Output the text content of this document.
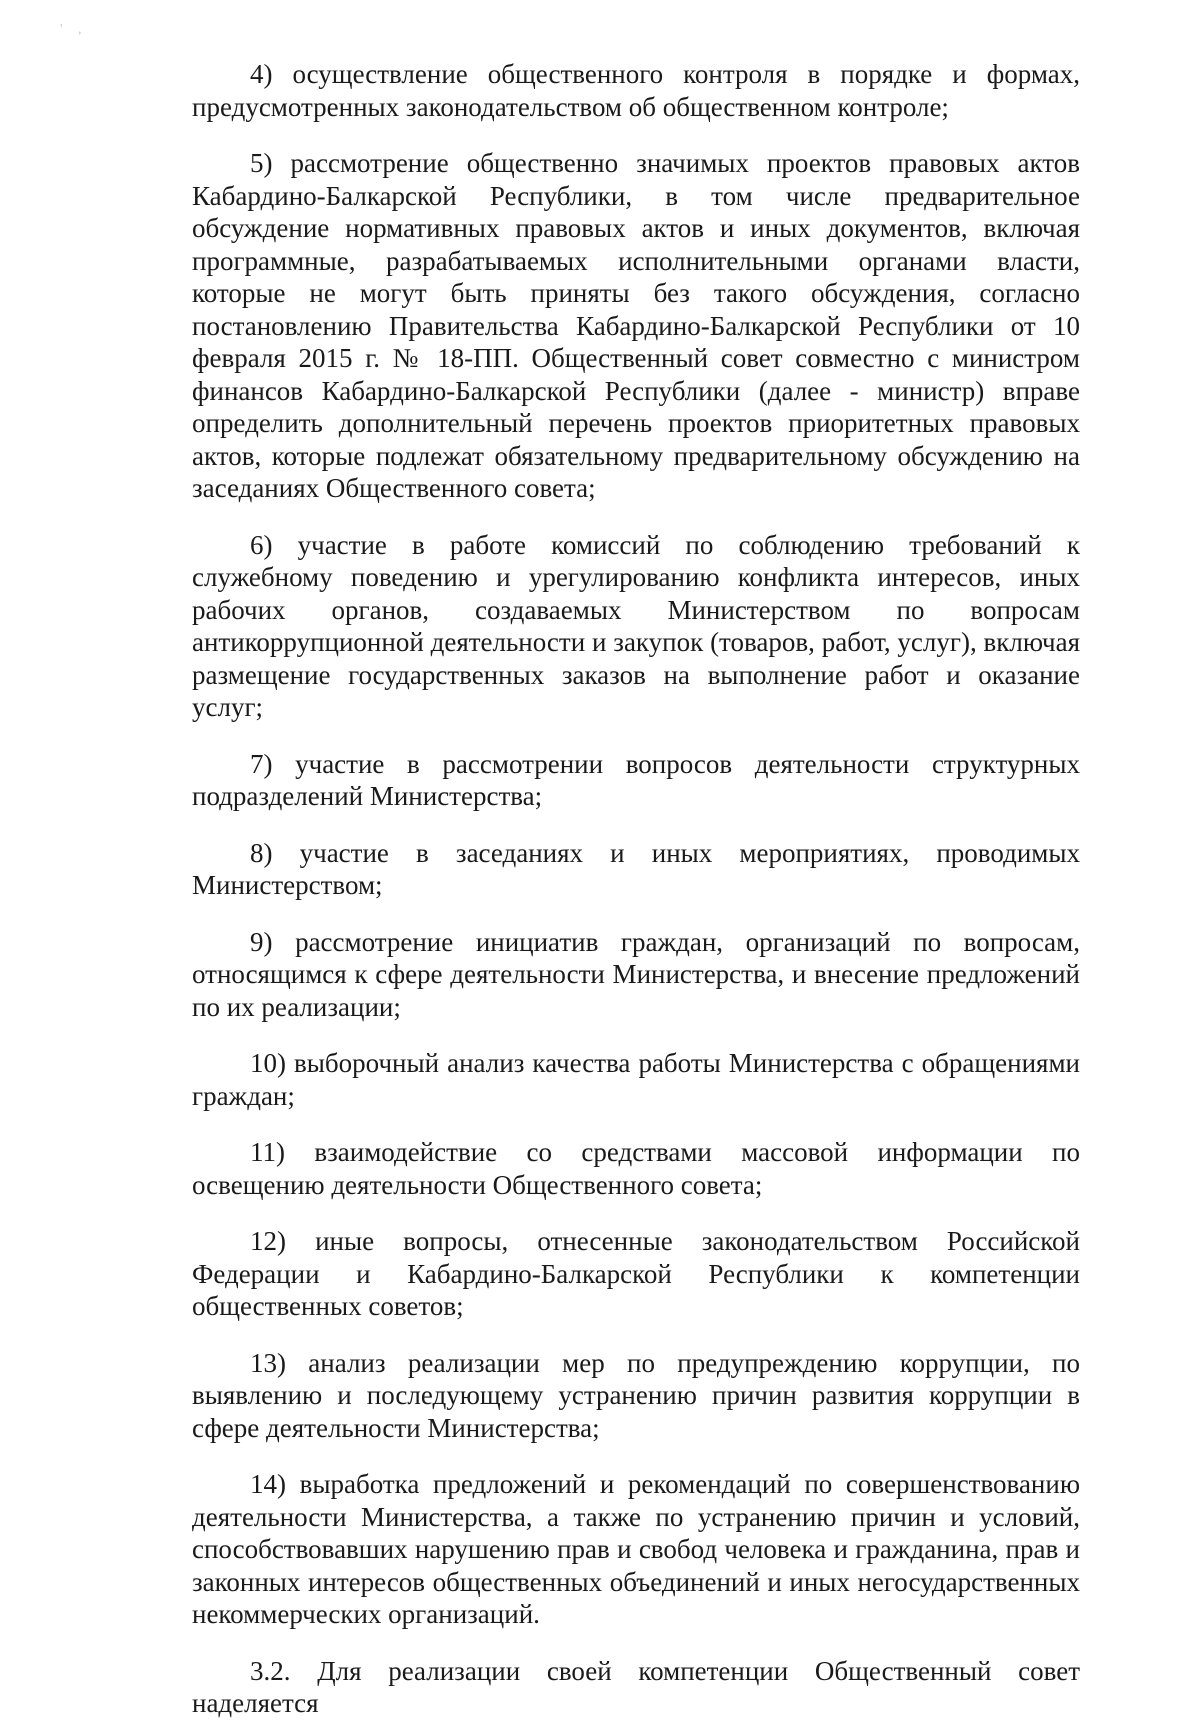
' ,

4) осуществление общественного контроля в порядке и формах, предусмотренных законодательством об общественном контроле;

5) рассмотрение общественно значимых проектов правовых актов Кабардино-Балкарской Республики, в том числе предварительное обсуждение нормативных правовых актов и иных документов, включая программные, разрабатываемых исполнительными органами власти, которые не могут быть приняты без такого обсуждения, согласно постановлению Правительства Кабардино-Балкарской Республики от 10 февраля 2015 г. № 18-ПП. Общественный совет совместно с министром финансов Кабардино-Балкарской Республики (далее - министр) вправе определить дополнительный перечень проектов приоритетных правовых актов, которые подлежат обязательному предварительному обсуждению на заседаниях Общественного совета;

6) участие в работе комиссий по соблюдению требований к служебному поведению и урегулированию конфликта интересов, иных рабочих органов, создаваемых Министерством по вопросам антикоррупционной деятельности и закупок (товаров, работ, услуг), включая размещение государственных заказов на выполнение работ и оказание услуг;

7) участие в рассмотрении вопросов деятельности структурных подразделений Министерства;

8) участие в заседаниях и иных мероприятиях, проводимых Министерством;

9) рассмотрение инициатив граждан, организаций по вопросам, относящимся к сфере деятельности Министерства, и внесение предложений по их реализации;

10) выборочный анализ качества работы Министерства с обращениями граждан;

11) взаимодействие со средствами массовой информации по освещению деятельности Общественного совета;

12) иные вопросы, отнесенные законодательством Российской Федерации и Кабардино-Балкарской Республики к компетенции общественных советов;

13) анализ реализации мер по предупреждению коррупции, по выявлению и последующему устранению причин развития коррупции в сфере деятельности Министерства;

14) выработка предложений и рекомендаций по совершенствованию деятельности Министерства, а также по устранению причин и условий, способствовавших нарушению прав и свобод человека и гражданина, прав и законных интересов общественных объединений и иных негосударственных некоммерческих организаций.

3.2. Для реализации своей компетенции Общественный совет наделяется
